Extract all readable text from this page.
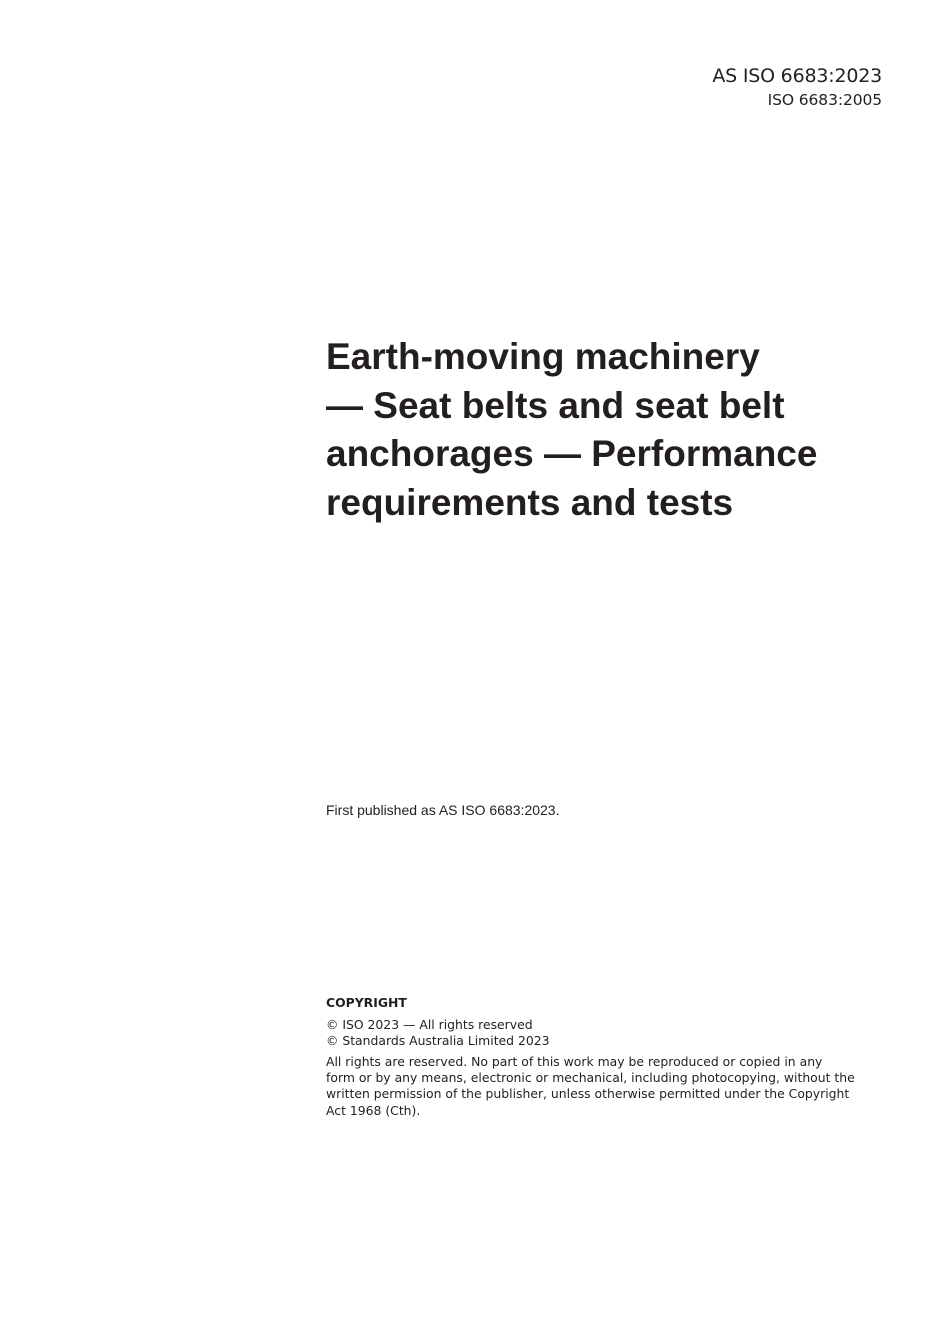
AS ISO 6683:2023
ISO 6683:2005
Earth-moving machinery
— Seat belts and seat belt
anchorages — Performance
requirements and tests
First published as AS ISO 6683:2023.
COPYRIGHT
© ISO 2023 — All rights reserved
© Standards Australia Limited 2023
All rights are reserved. No part of this work may be reproduced or copied in any
form or by any means, electronic or mechanical, including photocopying, without the
written permission of the publisher, unless otherwise permitted under the Copyright
Act 1968 (Cth).
